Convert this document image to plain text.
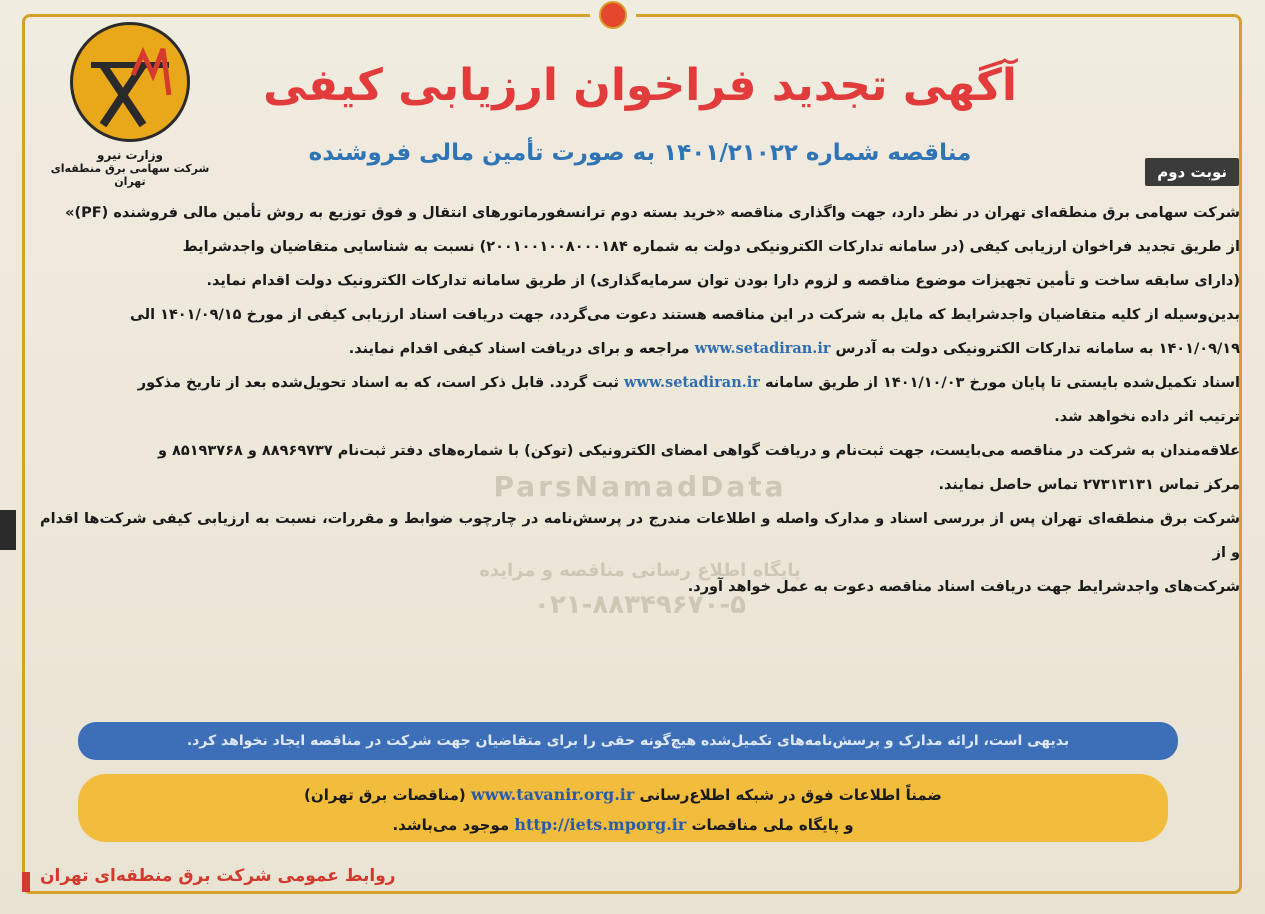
وزارت نیرو
شرکت سهامی برق منطقه‌ای تهران
آگهی تجدید فراخوان ارزیابی کیفی
مناقصه شماره ۱۴۰۱/۲۱۰۲۲ به صورت تأمین مالی فروشنده
نوبت دوم
ParsNamadData
پایگاه اطلاع رسانی مناقصه و مزایده
۰۲۱-۸۸۳۴۹۶۷۰-۵

شرکت سهامی برق منطقه‌ای تهران در نظر دارد، جهت واگذاری مناقصه «خرید بسته دوم ترانسفورماتورهای انتقال و فوق توزیع به روش تأمین مالی فروشنده (PF)»

از طریق تجدید فراخوان ارزیابی کیفی (در سامانه تدارکات الکترونیکی دولت به شماره ۲۰۰۱۰۰۱۰۰۸۰۰۰۱۸۴) نسبت به شناسایی متقاضیان واجدشرایط

(دارای سابقه ساخت و تأمین تجهیزات موضوع مناقصه و لزوم دارا بودن توان سرمایه‌گذاری) از طریق سامانه تدارکات الکترونیک دولت اقدام نماید.

بدین‌وسیله از کلیه متقاضیان واجدشرایط که مایل به شرکت در این مناقصه هستند دعوت می‌گردد، جهت دریافت اسناد ارزیابی کیفی از مورخ ۱۴۰۱/۰۹/۱۵ الی

۱۴۰۱/۰۹/۱۹ به سامانه تدارکات الکترونیکی دولت به آدرس www.setadiran.ir مراجعه و برای دریافت اسناد کیفی اقدام نمایند.

اسناد تکمیل‌شده بایستی تا پایان مورخ ۱۴۰۱/۱۰/۰۳ از طریق سامانه www.setadiran.ir ثبت گردد. قابل ذکر است، که به اسناد تحویل‌شده بعد از تاریخ مذکور

ترتیب اثر داده نخواهد شد.

علاقه‌مندان به شرکت در مناقصه می‌بایست، جهت ثبت‌نام و دریافت گواهی امضای الکترونیکی (توکن) با شماره‌های دفتر ثبت‌نام ۸۸۹۶۹۷۳۷ و ۸۵۱۹۳۷۶۸ و

مرکز تماس ۲۷۳۱۳۱۳۱ تماس حاصل نمایند.

شرکت برق منطقه‌ای تهران پس از بررسی اسناد و مدارک واصله و اطلاعات مندرج در پرسش‌نامه در چارچوب ضوابط و مقررات، نسبت به ارزیابی کیفی شرکت‌ها اقدام و از

شرکت‌های واجدشرایط جهت دریافت اسناد مناقصه دعوت به عمل خواهد آورد.

بدیهی است، ارائه مدارک و پرسش‌نامه‌های تکمیل‌شده هیچ‌گونه حقی را برای متقاضیان جهت شرکت در مناقصه ایجاد نخواهد کرد.
ضمناً اطلاعات فوق در شبکه اطلاع‌رسانی www.tavanir.org.ir (مناقصات برق تهران)
و پایگاه ملی مناقصات http://iets.mporg.ir موجود می‌باشد.
روابط عمومی شرکت برق منطقه‌ای تهران
